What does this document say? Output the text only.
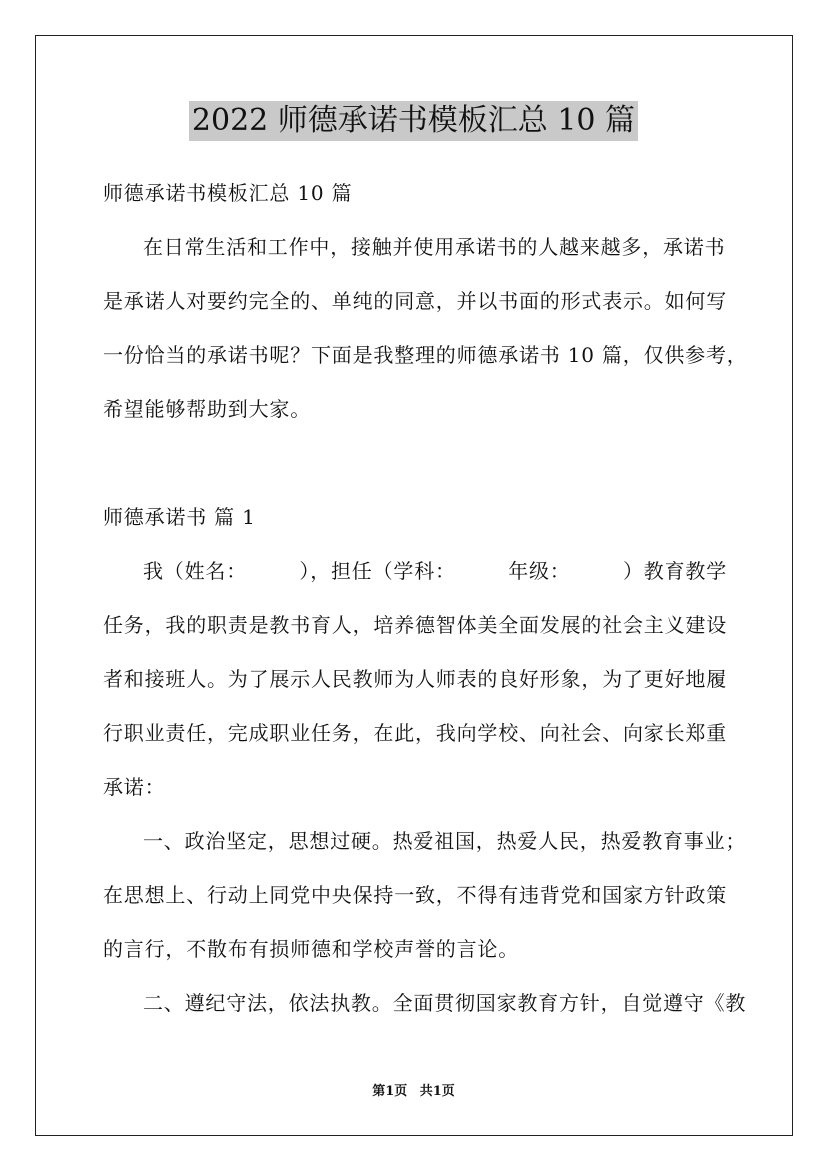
2022 师德承诺书模板汇总 10 篇
师德承诺书模板汇总 10 篇
在日常生活和工作中，接触并使用承诺书的人越来越多，承诺书
是承诺人对要约完全的、单纯的同意，并以书面的形式表示。如何写
一份恰当的承诺书呢？下面是我整理的师德承诺书 10 篇，仅供参考，
希望能够帮助到大家。
师德承诺书 篇 1
我（姓名：　　　），担任（学科：　　　年级：　　　）教育教学
任务，我的职责是教书育人，培养德智体美全面发展的社会主义建设
者和接班人。为了展示人民教师为人师表的良好形象，为了更好地履
行职业责任，完成职业任务，在此，我向学校、向社会、向家长郑重
承诺：
一、政治坚定，思想过硬。热爱祖国，热爱人民，热爱教育事业；
在思想上、行动上同党中央保持一致，不得有违背党和国家方针政策
的言行，不散布有损师德和学校声誉的言论。
二、遵纪守法，依法执教。全面贯彻国家教育方针，自觉遵守《教
第1页 共1页
